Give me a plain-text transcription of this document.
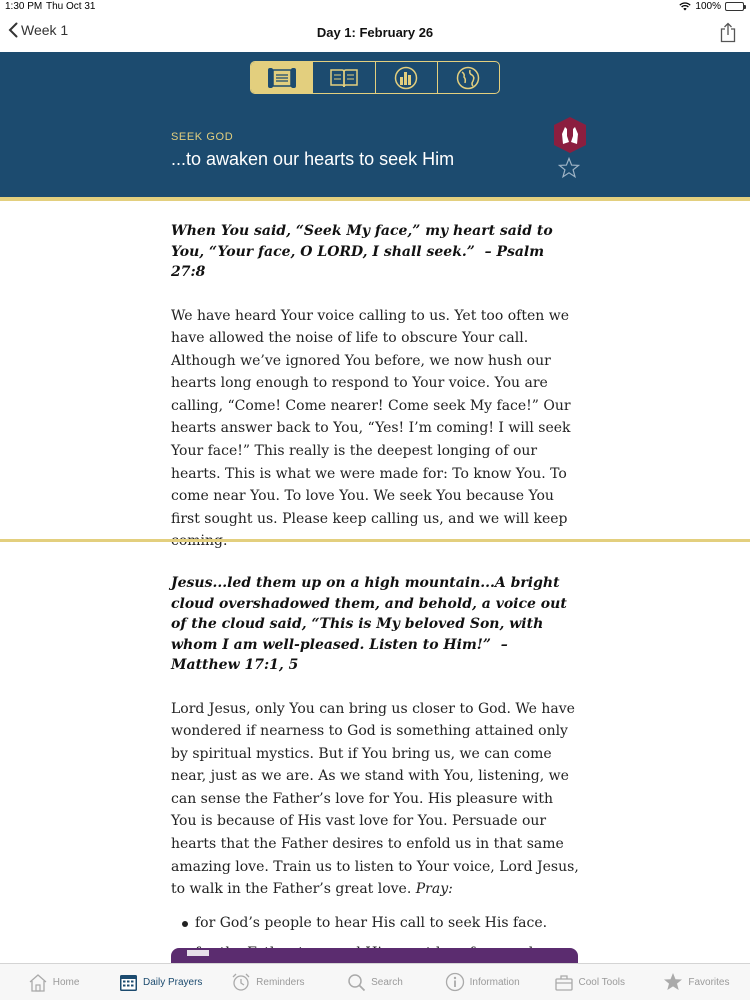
1:30 PM Thu Oct 31	100%
Week 1	Day 1: February 26
SEEK GOD
...to awaken our hearts to seek Him

When You said, “Seek My face,” my heart said to You, “Your face, O LORD, I shall seek.” – Psalm 27:8

We have heard Your voice calling to us. Yet too often we have allowed the noise of life to obscure Your call. Although we’ve ignored You before, we now hush our hearts long enough to respond to Your voice. You are calling, “Come! Come nearer! Come seek My face!” Our hearts answer back to You, “Yes! I’m coming! I will seek Your face!” This really is the deepest longing of our hearts. This is what we were made for: To know You. To come near You. To love You. We seek You because You first sought us. Please keep calling us, and we will keep

Jesus...led them up on a high mountain...A bright cloud overshadowed them, and behold, a voice out of the cloud said, “This is My beloved Son, with whom I am well-pleased. Listen to Him!” – Matthew 17:1, 5

Lord Jesus, only You can bring us closer to God. We have wondered if nearness to God is something attained only by spiritual mystics. But if You bring us, we can come near, just as we are. As we stand with You, listening, we can sense the Father’s love for You. His pleasure with You is because of His vast love for You. Persuade our hearts that the Father desires to enfold us in that same amazing love. Train us to listen to Your voice, Lord Jesus, to walk in the Father’s great love. Pray:

for God’s people to hear His call to seek His face.
Home	Daily Prayers	Reminders	Search	Information	Cool Tools	Favorites
